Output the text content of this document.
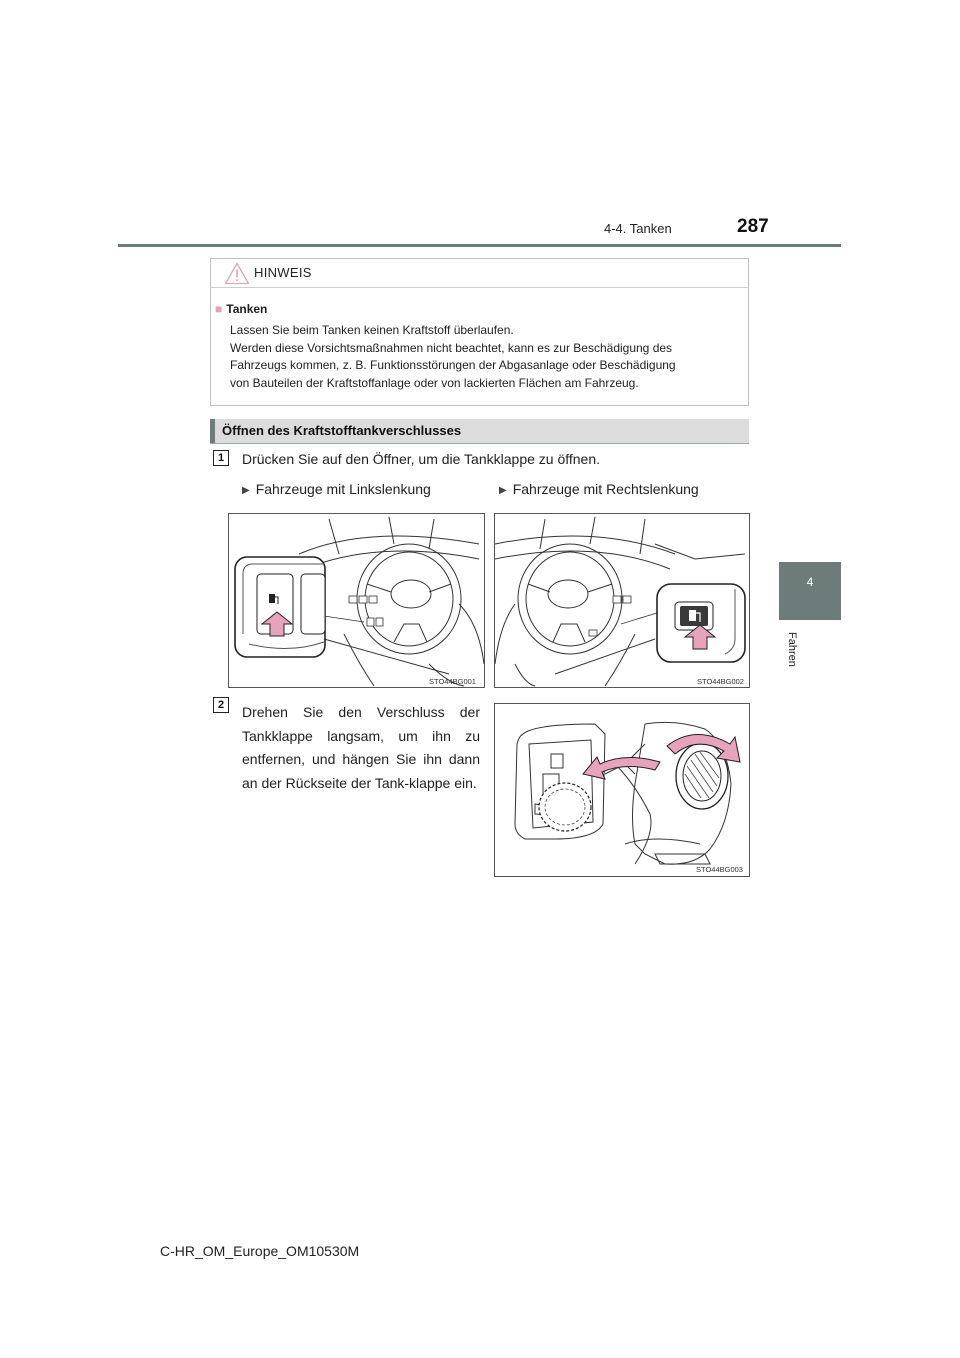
287
4-4. Tanken
4
Fahren
HINWEIS
■ Tanken
Lassen Sie beim Tanken keinen Kraftstoff überlaufen.
Werden diese Vorsichtsmaßnahmen nicht beachtet, kann es zur Beschädigung des
Fahrzeugs kommen, z. B. Funktionsstörungen der Abgasanlage oder Beschädigung
von Bauteilen der Kraftstoffanlage oder von lackierten Flächen am Fahrzeug.
Öffnen des Kraftstofftankverschlusses
1	Drücken Sie auf den Öffner, um die Tankklappe zu öffnen.
▶ Fahrzeuge mit Linkslenkung	▶ Fahrzeuge mit Rechtslenkung
STO44BG001	STO44BG002
2	Drehen Sie den Verschluss der Tankklappe langsam, um ihn zu entfernen, und hängen Sie ihn dann an der Rückseite der Tank-klappe ein.
STO44BG003
C-HR_OM_Europe_OM10530M
